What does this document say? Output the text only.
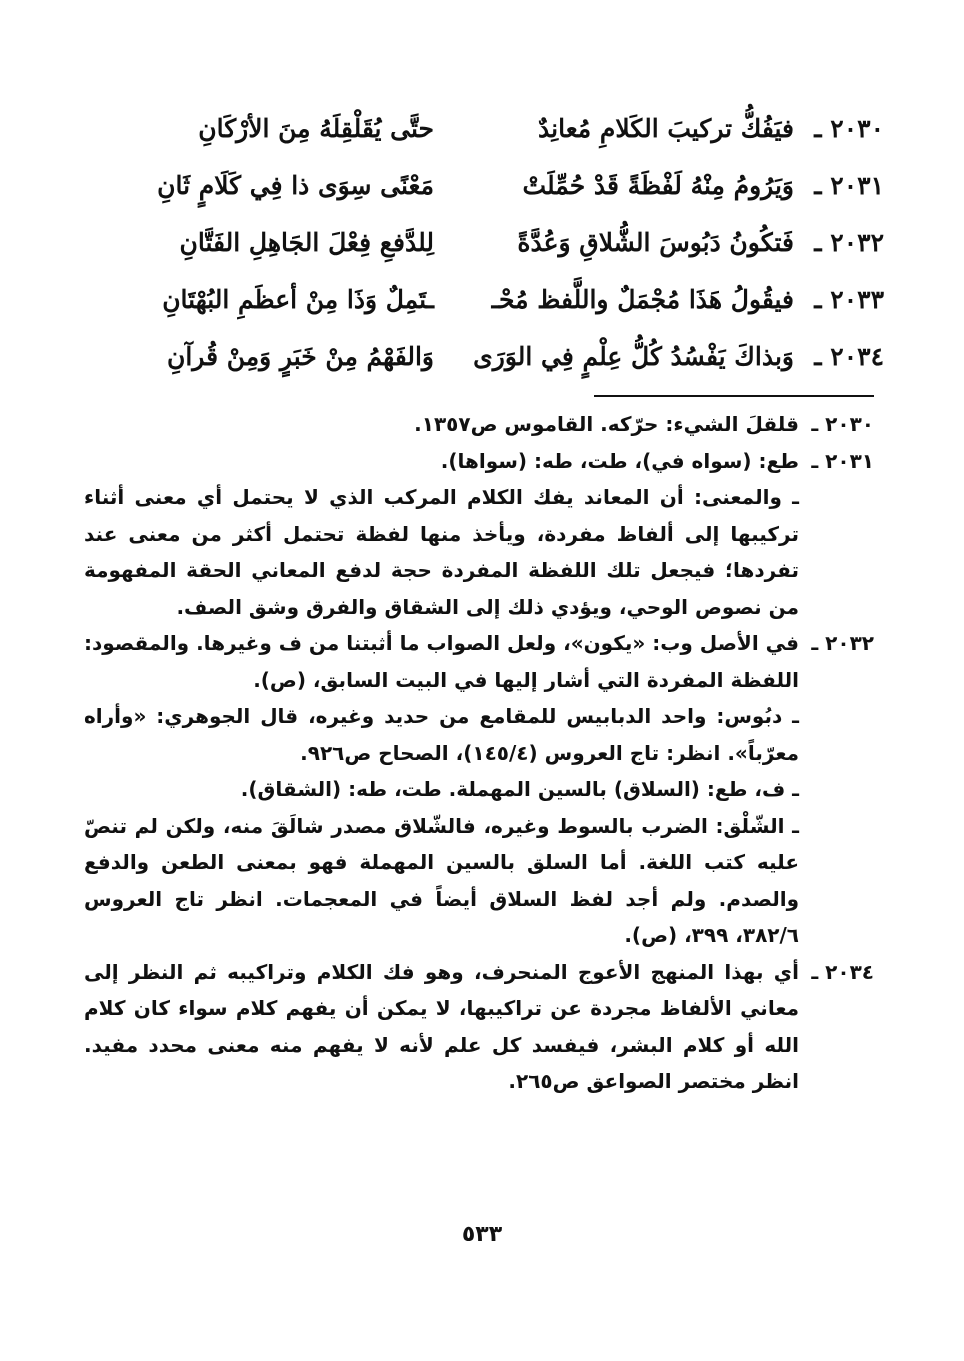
٢٠٣٠ ـ
فيَفُكُّ تركيبَ الكَلامِ مُعانِدٌ
حتَّى يُقَلْقِلَهُ مِنَ الأرْكَانِ
٢٠٣١ ـ
وَيَرُومُ مِنْهُ لَفْظَةً قَدْ حُمِّلَتْ
مَعْنًى سِوَى ذا فِي كَلَامٍ ثَانِ
٢٠٣٢ ـ
فَتكُونُ دَبُوسَ الشُّلاقِ وَعُدَّةً
لِلدَّفعِ فِعْلَ الجَاهِلِ الفَتَّانِ
٢٠٣٣ ـ
فيقُولُ هَذَا مُجْمَلٌ واللَّفظ مُحْـ
ـتَمِلٌ وَذَا مِنْ أعظَمِ البُهْتَانِ
٢٠٣٤ ـ
وَبذاكَ يَفْسُدُ كُلُّ عِلْمٍ فِي الوَرَى
وَالفَهْمُ مِنْ خَبَرٍ وَمِنْ قُرآنِ
٢٠٣٠ ـ

قلقلَ الشيء: حرّكه. القاموس ص١٣٥٧.

٢٠٣١ ـ

طع: (سواه في)، طت، طه: (سواها).

ـ والمعنى: أن المعاند يفك الكلام المركب الذي لا يحتمل أي معنى أثناء تركيبها إلى ألفاظ مفردة، ويأخذ منها لفظة تحتمل أكثر من معنى عند تفردها؛ فيجعل تلك اللفظة المفردة حجة لدفع المعاني الحقة المفهومة من نصوص الوحي، ويؤدي ذلك إلى الشقاق والفرق وشق الصف.

٢٠٣٢ ـ

في الأصل وب: «يكون»، ولعل الصواب ما أثبتنا من ف وغيرها. والمقصود: اللفظة المفردة التي أشار إليها في البيت السابق، (ص).

ـ دبُوس: واحد الدبابيس للمقامع من حديد وغيره، قال الجوهري: «وأراه معرّباً». انظر: تاج العروس (١٤٥/٤)، الصحاح ص٩٢٦.

ـ ف، طع: (السلاق) بالسين المهملة. طت، طه: (الشقاق).

ـ الشّلْق: الضرب بالسوط وغيره، فالشّلاق مصدر شالَقَ منه، ولكن لم تنصّ عليه كتب اللغة. أما السلق بالسين المهملة فهو بمعنى الطعن والدفع والصدم. ولم أجد لفظ السلاق أيضاً في المعجمات. انظر تاج العروس ٣٨٢/٦، ٣٩٩، (ص).

٢٠٣٤ ـ

أي بهذا المنهج الأعوج المنحرف، وهو فك الكلام وتراكيبه ثم النظر إلى معاني الألفاظ مجردة عن تراكيبها، لا يمكن أن يفهم كلام سواء كان كلام الله أو كلام البشر، فيفسد كل علم لأنه لا يفهم منه معنى محدد مفيد. انظر مختصر الصواعق ص٢٦٥.

٥٣٣
